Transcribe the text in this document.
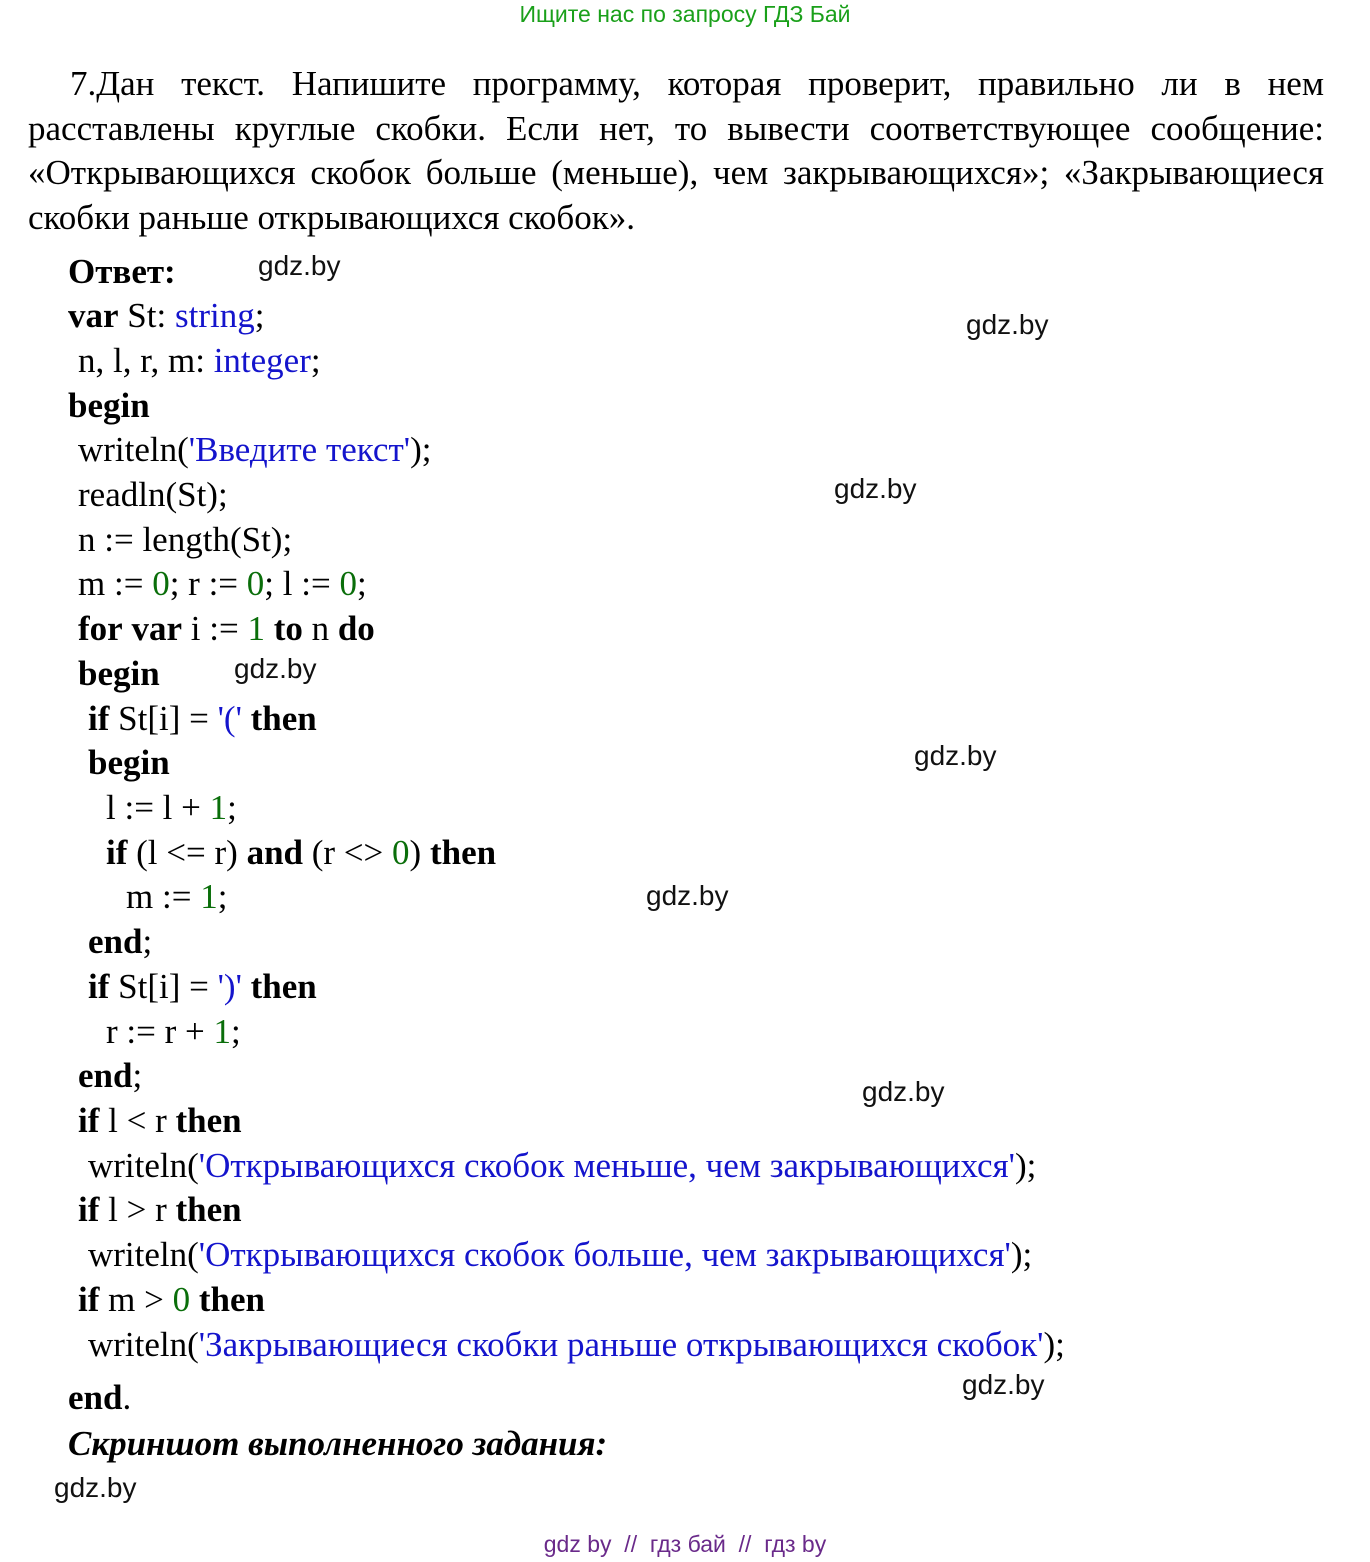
Ищите нас по запросу ГДЗ Бай

7.Дан текст. Напишите программу, которая проверит, правильно ли в нем расставлены круглые скобки. Если нет, то вывести соответствующее сообщение: «Открывающихся скобок больше (меньше), чем закрывающихся»; «Закрывающиеся скобки раньше открывающихся скобок».

Ответ:
var St: string;
n, l, r, m: integer;
begin
writeln('Введите текст');
readln(St);
n := length(St);
m := 0; r := 0; l := 0;
for var i := 1 to n do
begin
if St[i] = '(' then
begin
l := l + 1;
if (l <= r) and (r <> 0) then
m := 1;
end;
if St[i] = ')' then
r := r + 1;
end;
if l < r then
writeln('Открывающихся скобок меньше, чем закрывающихся');
if l > r then
writeln('Открывающихся скобок больше, чем закрывающихся');
if m > 0 then
writeln('Закрывающиеся скобки раньше открывающихся скобок');
end.
Скриншот выполненного задания:
gdz.by
gdz.by
gdz.by
gdz.by
gdz.by
gdz.by
gdz.by
gdz.by
gdz.by
gdz by  //  гдз бай  //  гдз by
